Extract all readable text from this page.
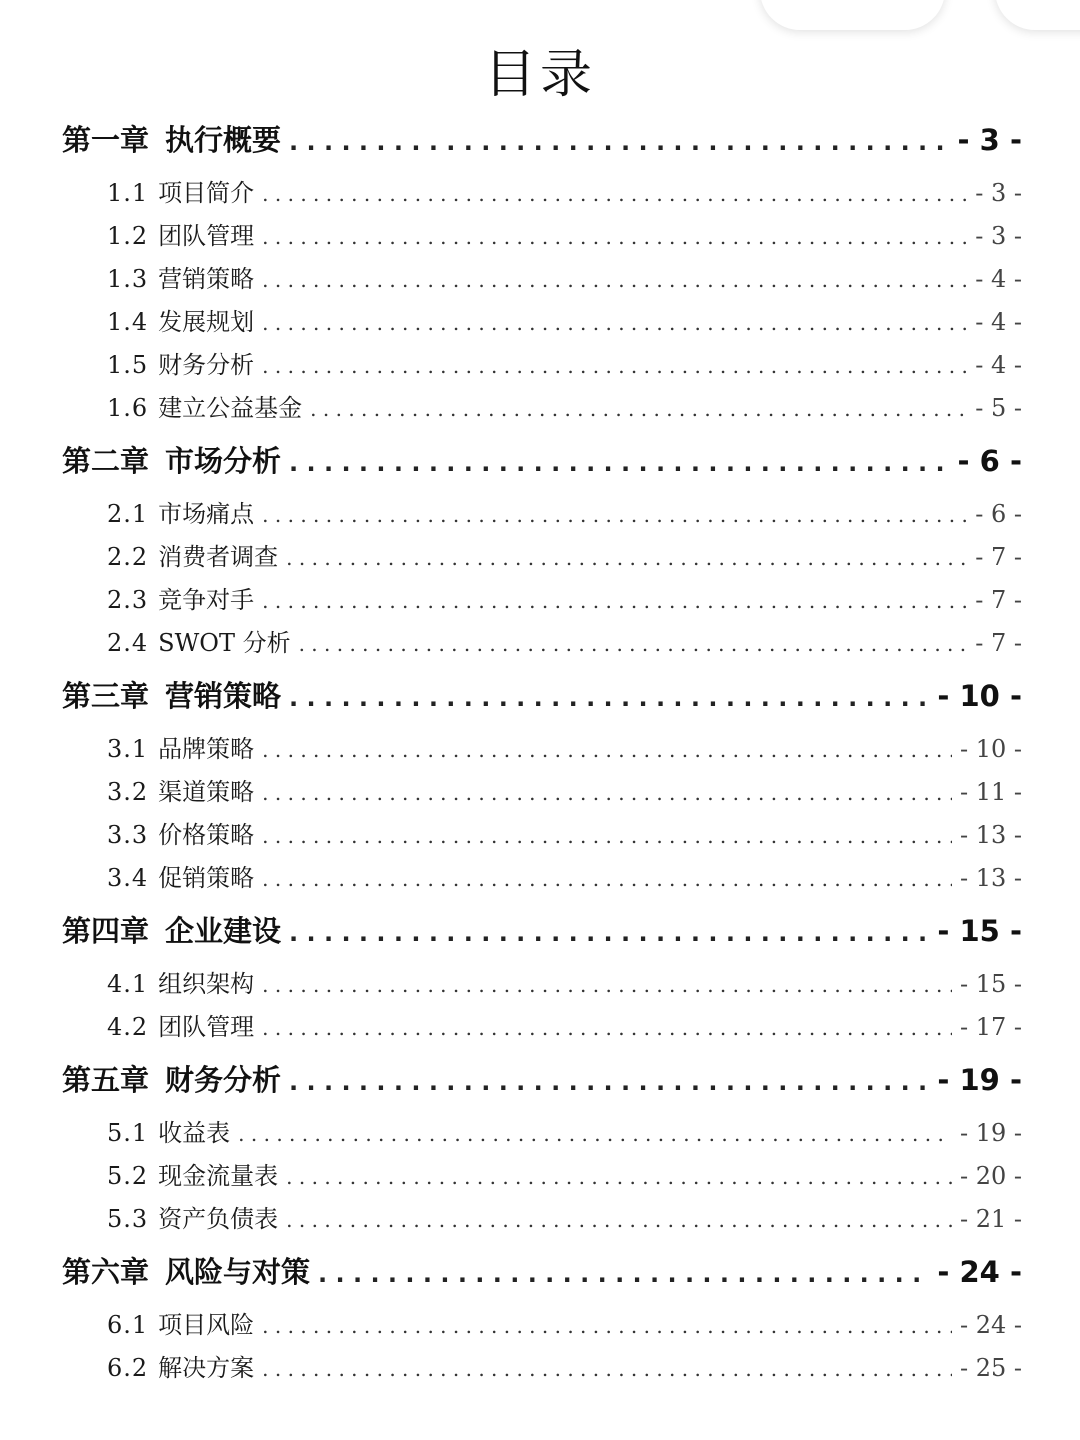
目录
第一章 执行概要 . . .	- 3 -
1.1 项目简介 . . .	- 3 -
1.2 团队管理 . . .	- 3 -
1.3 营销策略 . . .	- 4 -
1.4 发展规划 . . .	- 4 -
1.5 财务分析 . . .	- 4 -
1.6 建立公益基金 . . .	- 5 -
第二章 市场分析 . . .	- 6 -
2.1 市场痛点 . . .	- 6 -
2.2 消费者调查 . . .	- 7 -
2.3 竞争对手 . . .	- 7 -
2.4 SWOT 分析 . . .	- 7 -
第三章 营销策略 . . .	- 10 -
3.1 品牌策略 . . .	- 10 -
3.2 渠道策略 . . .	- 11 -
3.3 价格策略 . . .	- 13 -
3.4 促销策略 . . .	- 13 -
第四章 企业建设 . . .	- 15 -
4.1 组织架构 . . .	- 15 -
4.2 团队管理 . . .	- 17 -
第五章 财务分析 . . .	- 19 -
5.1 收益表 . . .	- 19 -
5.2 现金流量表 . . .	- 20 -
5.3 资产负债表 . . .	- 21 -
第六章 风险与对策 . . .	- 24 -
6.1 项目风险 . . .	- 24 -
6.2 解决方案 . . .	- 25 -
